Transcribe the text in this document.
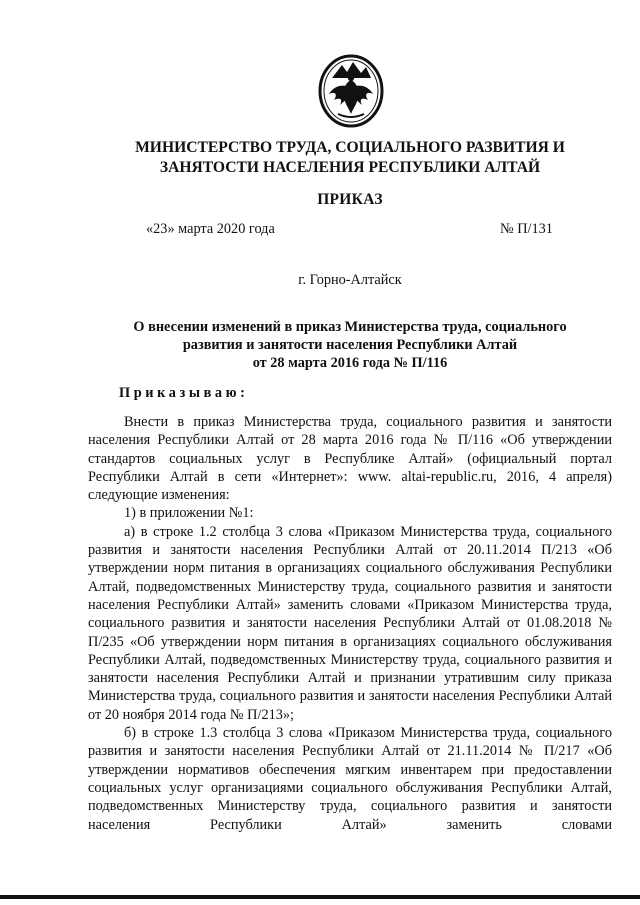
МИНИСТЕРСТВО ТРУДА, СОЦИАЛЬНОГО РАЗВИТИЯ И
ЗАНЯТОСТИ НАСЕЛЕНИЯ РЕСПУБЛИКИ АЛТАЙ
ПРИКАЗ
«23» марта 2020 года	№ П/131
г. Горно-Алтайск
О внесении изменений в приказ Министерства труда, социального
развития и занятости населения Республики Алтай
от 28 марта 2016 года № П/116
Приказываю:

Внести в приказ Министерства труда, социального развития и занятости населения Республики Алтай от 28 марта 2016 года № П/116 «Об утверждении стандартов социальных услуг в Республике Алтай» (официальный портал Республики Алтай в сети «Интернет»: www. altai-republic.ru, 2016, 4 апреля) следующие изменения:

1) в приложении №1:

а) в строке 1.2 столбца 3 слова «Приказом Министерства труда, социального развития и занятости населения Республики Алтай от 20.11.2014 П/213 «Об утверждении норм питания в организациях социального обслуживания Республики Алтай, подведомственных Министерству труда, социального развития и занятости населения Республики Алтай» заменить словами «Приказом Министерства труда, социального развития и занятости населения Республики Алтай от 01.08.2018 № П/235 «Об утверждении норм питания в организациях социального обслуживания Республики Алтай, подведомственных Министерству труда, социального развития и занятости населения Республики Алтай и признании утратившим силу приказа Министерства труда, социального развития и занятости населения Республики Алтай от 20 ноября 2014 года № П/213»;

б) в строке 1.3 столбца 3 слова «Приказом Министерства труда, социального развития и занятости населения Республики Алтай от 21.11.2014 № П/217 «Об утверждении нормативов обеспечения мягким инвентарем при предоставлении социальных услуг организациями социального обслуживания Республики Алтай, подведомственных Министерству труда, социального развития и занятости населения Республики Алтай» заменить словами
